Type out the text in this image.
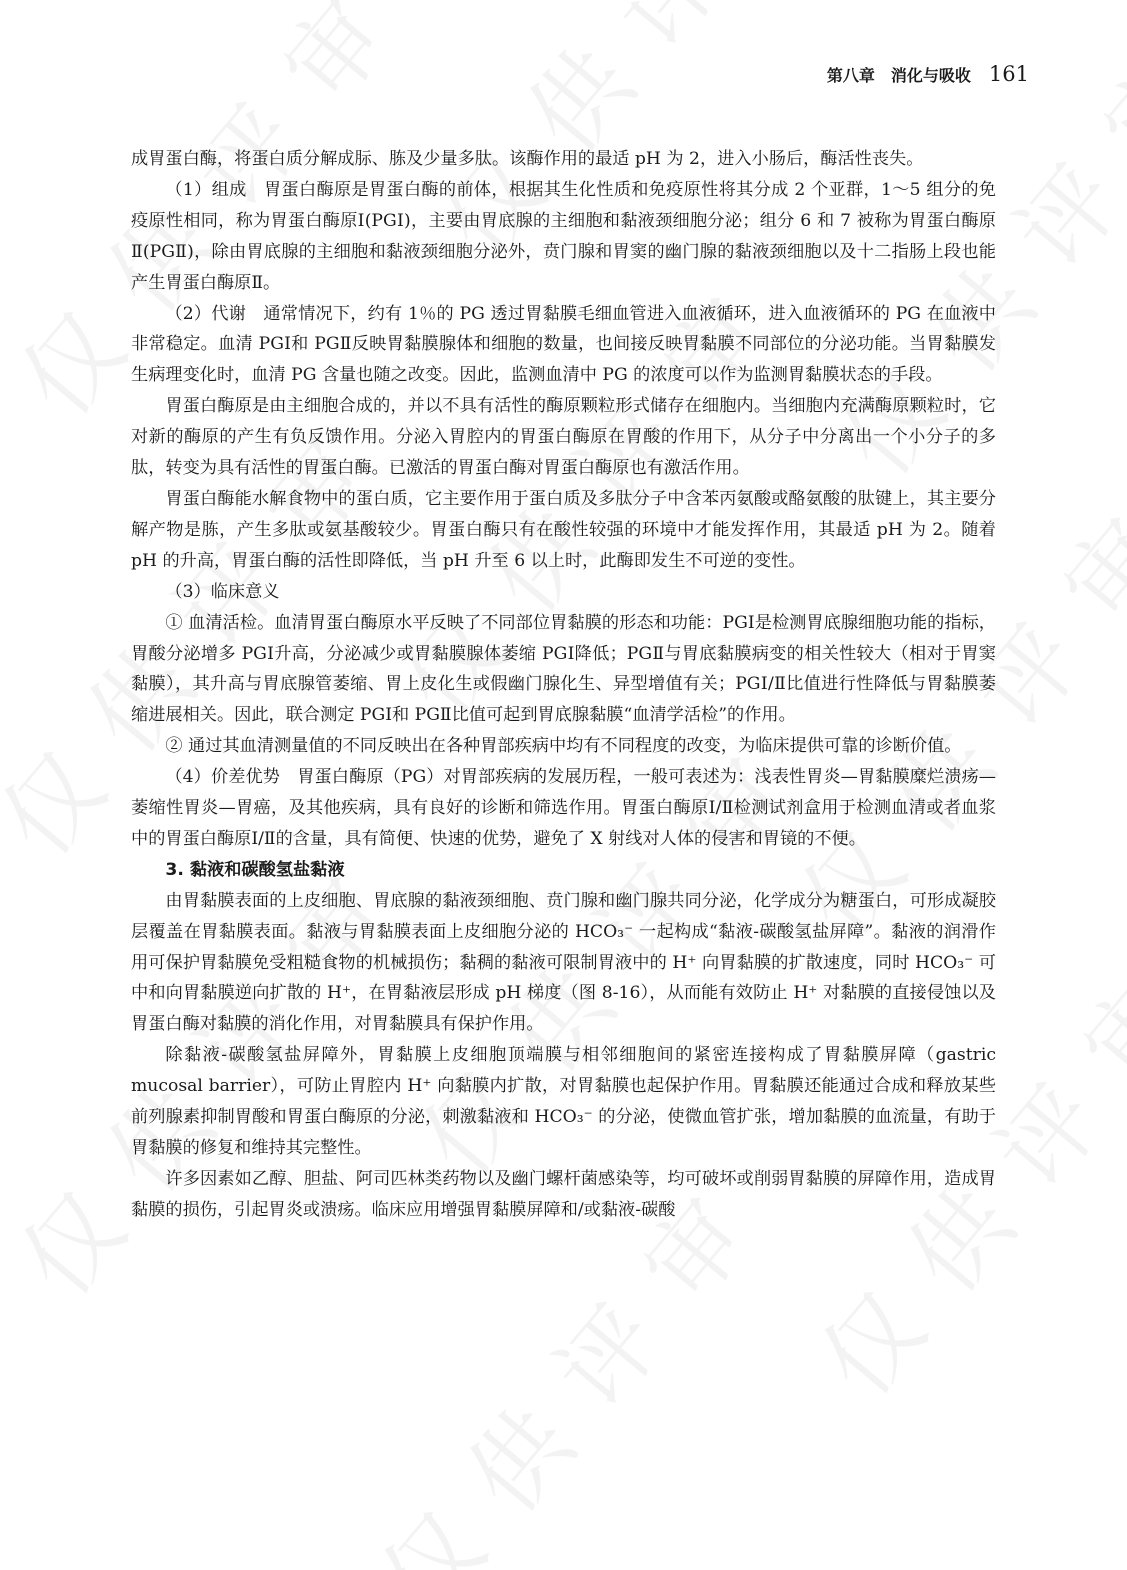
第八章　消化与吸收 161

成胃蛋白酶，将蛋白质分解成䏡、胨及少量多肽。该酶作用的最适 pH 为 2，进入小肠后，酶活性丧失。

（1）组成　胃蛋白酶原是胃蛋白酶的前体，根据其生化性质和免疫原性将其分成 2 个亚群，1～5 组分的免疫原性相同，称为胃蛋白酶原Ⅰ(PGⅠ)，主要由胃底腺的主细胞和黏液颈细胞分泌；组分 6 和 7 被称为胃蛋白酶原Ⅱ(PGⅡ)，除由胃底腺的主细胞和黏液颈细胞分泌外，贲门腺和胃窦的幽门腺的黏液颈细胞以及十二指肠上段也能产生胃蛋白酶原Ⅱ。

（2）代谢　通常情况下，约有 1％的 PG 透过胃黏膜毛细血管进入血液循环，进入血液循环的 PG 在血液中非常稳定。血清 PGⅠ和 PGⅡ反映胃黏膜腺体和细胞的数量，也间接反映胃黏膜不同部位的分泌功能。当胃黏膜发生病理变化时，血清 PG 含量也随之改变。因此，监测血清中 PG 的浓度可以作为监测胃黏膜状态的手段。

胃蛋白酶原是由主细胞合成的，并以不具有活性的酶原颗粒形式储存在细胞内。当细胞内充满酶原颗粒时，它对新的酶原的产生有负反馈作用。分泌入胃腔内的胃蛋白酶原在胃酸的作用下，从分子中分离出一个小分子的多肽，转变为具有活性的胃蛋白酶。已激活的胃蛋白酶对胃蛋白酶原也有激活作用。

胃蛋白酶能水解食物中的蛋白质，它主要作用于蛋白质及多肽分子中含苯丙氨酸或酪氨酸的肽键上，其主要分解产物是胨，产生多肽或氨基酸较少。胃蛋白酶只有在酸性较强的环境中才能发挥作用，其最适 pH 为 2。随着 pH 的升高，胃蛋白酶的活性即降低，当 pH 升至 6 以上时，此酶即发生不可逆的变性。

（3）临床意义

① 血清活检。血清胃蛋白酶原水平反映了不同部位胃黏膜的形态和功能：PGⅠ是检测胃底腺细胞功能的指标，胃酸分泌增多 PGⅠ升高，分泌减少或胃黏膜腺体萎缩 PGⅠ降低；PGⅡ与胃底黏膜病变的相关性较大（相对于胃窦黏膜），其升高与胃底腺管萎缩、胃上皮化生或假幽门腺化生、异型增值有关；PGⅠ/Ⅱ比值进行性降低与胃黏膜萎缩进展相关。因此，联合测定 PGⅠ和 PGⅡ比值可起到胃底腺黏膜“血清学活检”的作用。

② 通过其血清测量值的不同反映出在各种胃部疾病中均有不同程度的改变，为临床提供可靠的诊断价值。

（4）价差优势　胃蛋白酶原（PG）对胃部疾病的发展历程，一般可表述为：浅表性胃炎—胃黏膜糜烂溃疡—萎缩性胃炎—胃癌，及其他疾病，具有良好的诊断和筛选作用。胃蛋白酶原Ⅰ/Ⅱ检测试剂盒用于检测血清或者血浆中的胃蛋白酶原Ⅰ/Ⅱ的含量，具有简便、快速的优势，避免了 X 射线对人体的侵害和胃镜的不便。

3. 黏液和碳酸氢盐黏液

由胃黏膜表面的上皮细胞、胃底腺的黏液颈细胞、贲门腺和幽门腺共同分泌，化学成分为糖蛋白，可形成凝胶层覆盖在胃黏膜表面。黏液与胃黏膜表面上皮细胞分泌的 HCO₃⁻ 一起构成“黏液-碳酸氢盐屏障”。黏液的润滑作用可保护胃黏膜免受粗糙食物的机械损伤；黏稠的黏液可限制胃液中的 H⁺ 向胃黏膜的扩散速度，同时 HCO₃⁻ 可中和向胃黏膜逆向扩散的 H⁺，在胃黏液层形成 pH 梯度（图 8-16），从而能有效防止 H⁺ 对黏膜的直接侵蚀以及胃蛋白酶对黏膜的消化作用，对胃黏膜具有保护作用。

除黏液-碳酸氢盐屏障外，胃黏膜上皮细胞顶端膜与相邻细胞间的紧密连接构成了胃黏膜屏障（gastric mucosal barrier），可防止胃腔内 H⁺ 向黏膜内扩散，对胃黏膜也起保护作用。胃黏膜还能通过合成和释放某些前列腺素抑制胃酸和胃蛋白酶原的分泌，刺激黏液和 HCO₃⁻ 的分泌，使微血管扩张，增加黏膜的血流量，有助于胃黏膜的修复和维持其完整性。

许多因素如乙醇、胆盐、阿司匹林类药物以及幽门螺杆菌感染等，均可破坏或削弱胃黏膜的屏障作用，造成胃黏膜的损伤，引起胃炎或溃疡。临床应用增强胃黏膜屏障和/或黏液-碳酸
